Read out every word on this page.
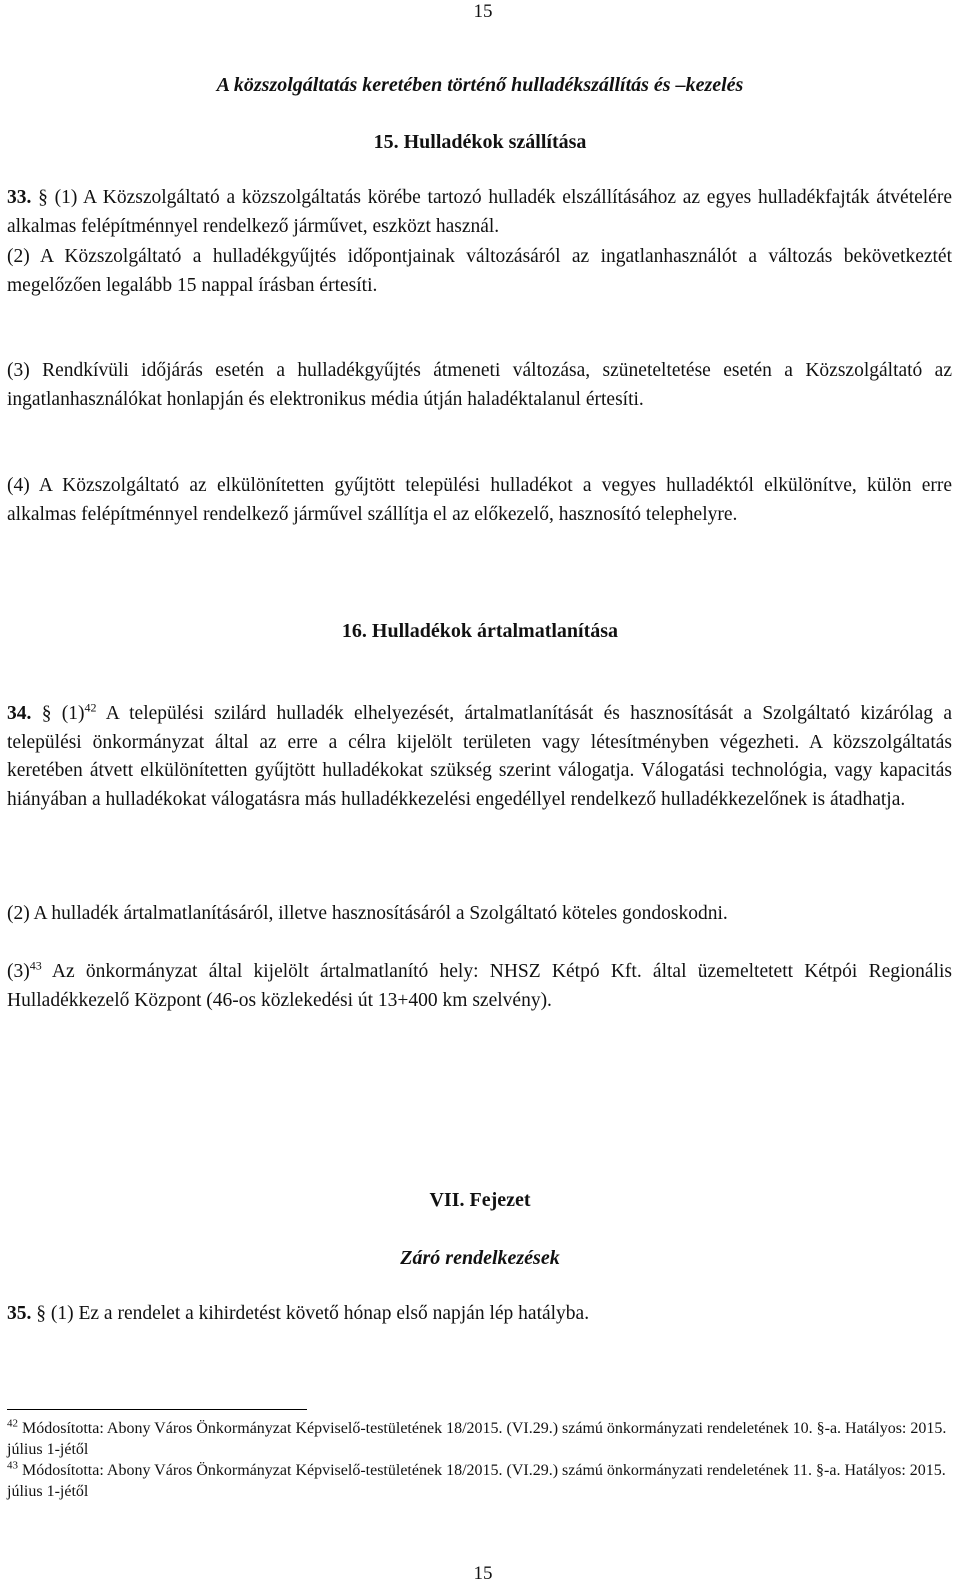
15
A közszolgáltatás keretében történő hulladékszállítás és –kezelés
15. Hulladékok szállítása

33. § (1) A Közszolgáltató a közszolgáltatás körébe tartozó hulladék elszállításához az egyes hulladékfajták átvételére alkalmas felépítménnyel rendelkező járművet, eszközt használ.

(2) A Közszolgáltató a hulladékgyűjtés időpontjainak változásáról az ingatlanhasználót a változás bekövetkeztét megelőzően legalább 15 nappal írásban értesíti.

(3) Rendkívüli időjárás esetén a hulladékgyűjtés átmeneti változása, szüneteltetése esetén a Közszolgáltató az ingatlanhasználókat honlapján és elektronikus média útján haladéktalanul értesíti.

(4) A Közszolgáltató az elkülönítetten gyűjtött települési hulladékot a vegyes hulladéktól elkülönítve, külön erre alkalmas felépítménnyel rendelkező járművel szállítja el az előkezelő, hasznosító telephelyre.

16. Hulladékok ártalmatlanítása

34. § $(1)^{42}$ A települési szilárd hulladék elhelyezését, ártalmatlanítását és hasznosítását a Szolgáltató kizárólag a települési önkormányzat által az erre a célra kijelölt területen vagy létesítményben végezheti. A közszolgáltatás keretében átvett elkülönítetten gyűjtött hulladékokat szükség szerint válogatja. Válogatási technológia, vagy kapacitás hiányában a hulladékokat válogatásra más hulladékkezelési engedéllyel rendelkező hulladékkezelőnek is átadhatja.

(2) A hulladék ártalmatlanításáról, illetve hasznosításáról a Szolgáltató köteles gondoskodni.

$(3)^{43}$ Az önkormányzat által kijelölt ártalmatlanító hely: NHSZ Kétpó Kft. által üzemeltetett Kétpói Regionális Hulladékkezelő Központ (46-os közlekedési út 13+400 km szelvény).

VII. Fejezet
Záró rendelkezések

35. § (1) Ez a rendelet a kihirdetést követő hónap első napján lép hatályba.

$^{42}$ Módosította: Abony Város Önkormányzat Képviselő-testületének 18/2015. (VI.29.) számú önkormányzati rendeletének 10. §-a. Hatályos: 2015. július 1-jétől
$^{43}$ Módosította: Abony Város Önkormányzat Képviselő-testületének 18/2015. (VI.29.) számú önkormányzati rendeletének 11. §-a. Hatályos: 2015. július 1-jétől
15
